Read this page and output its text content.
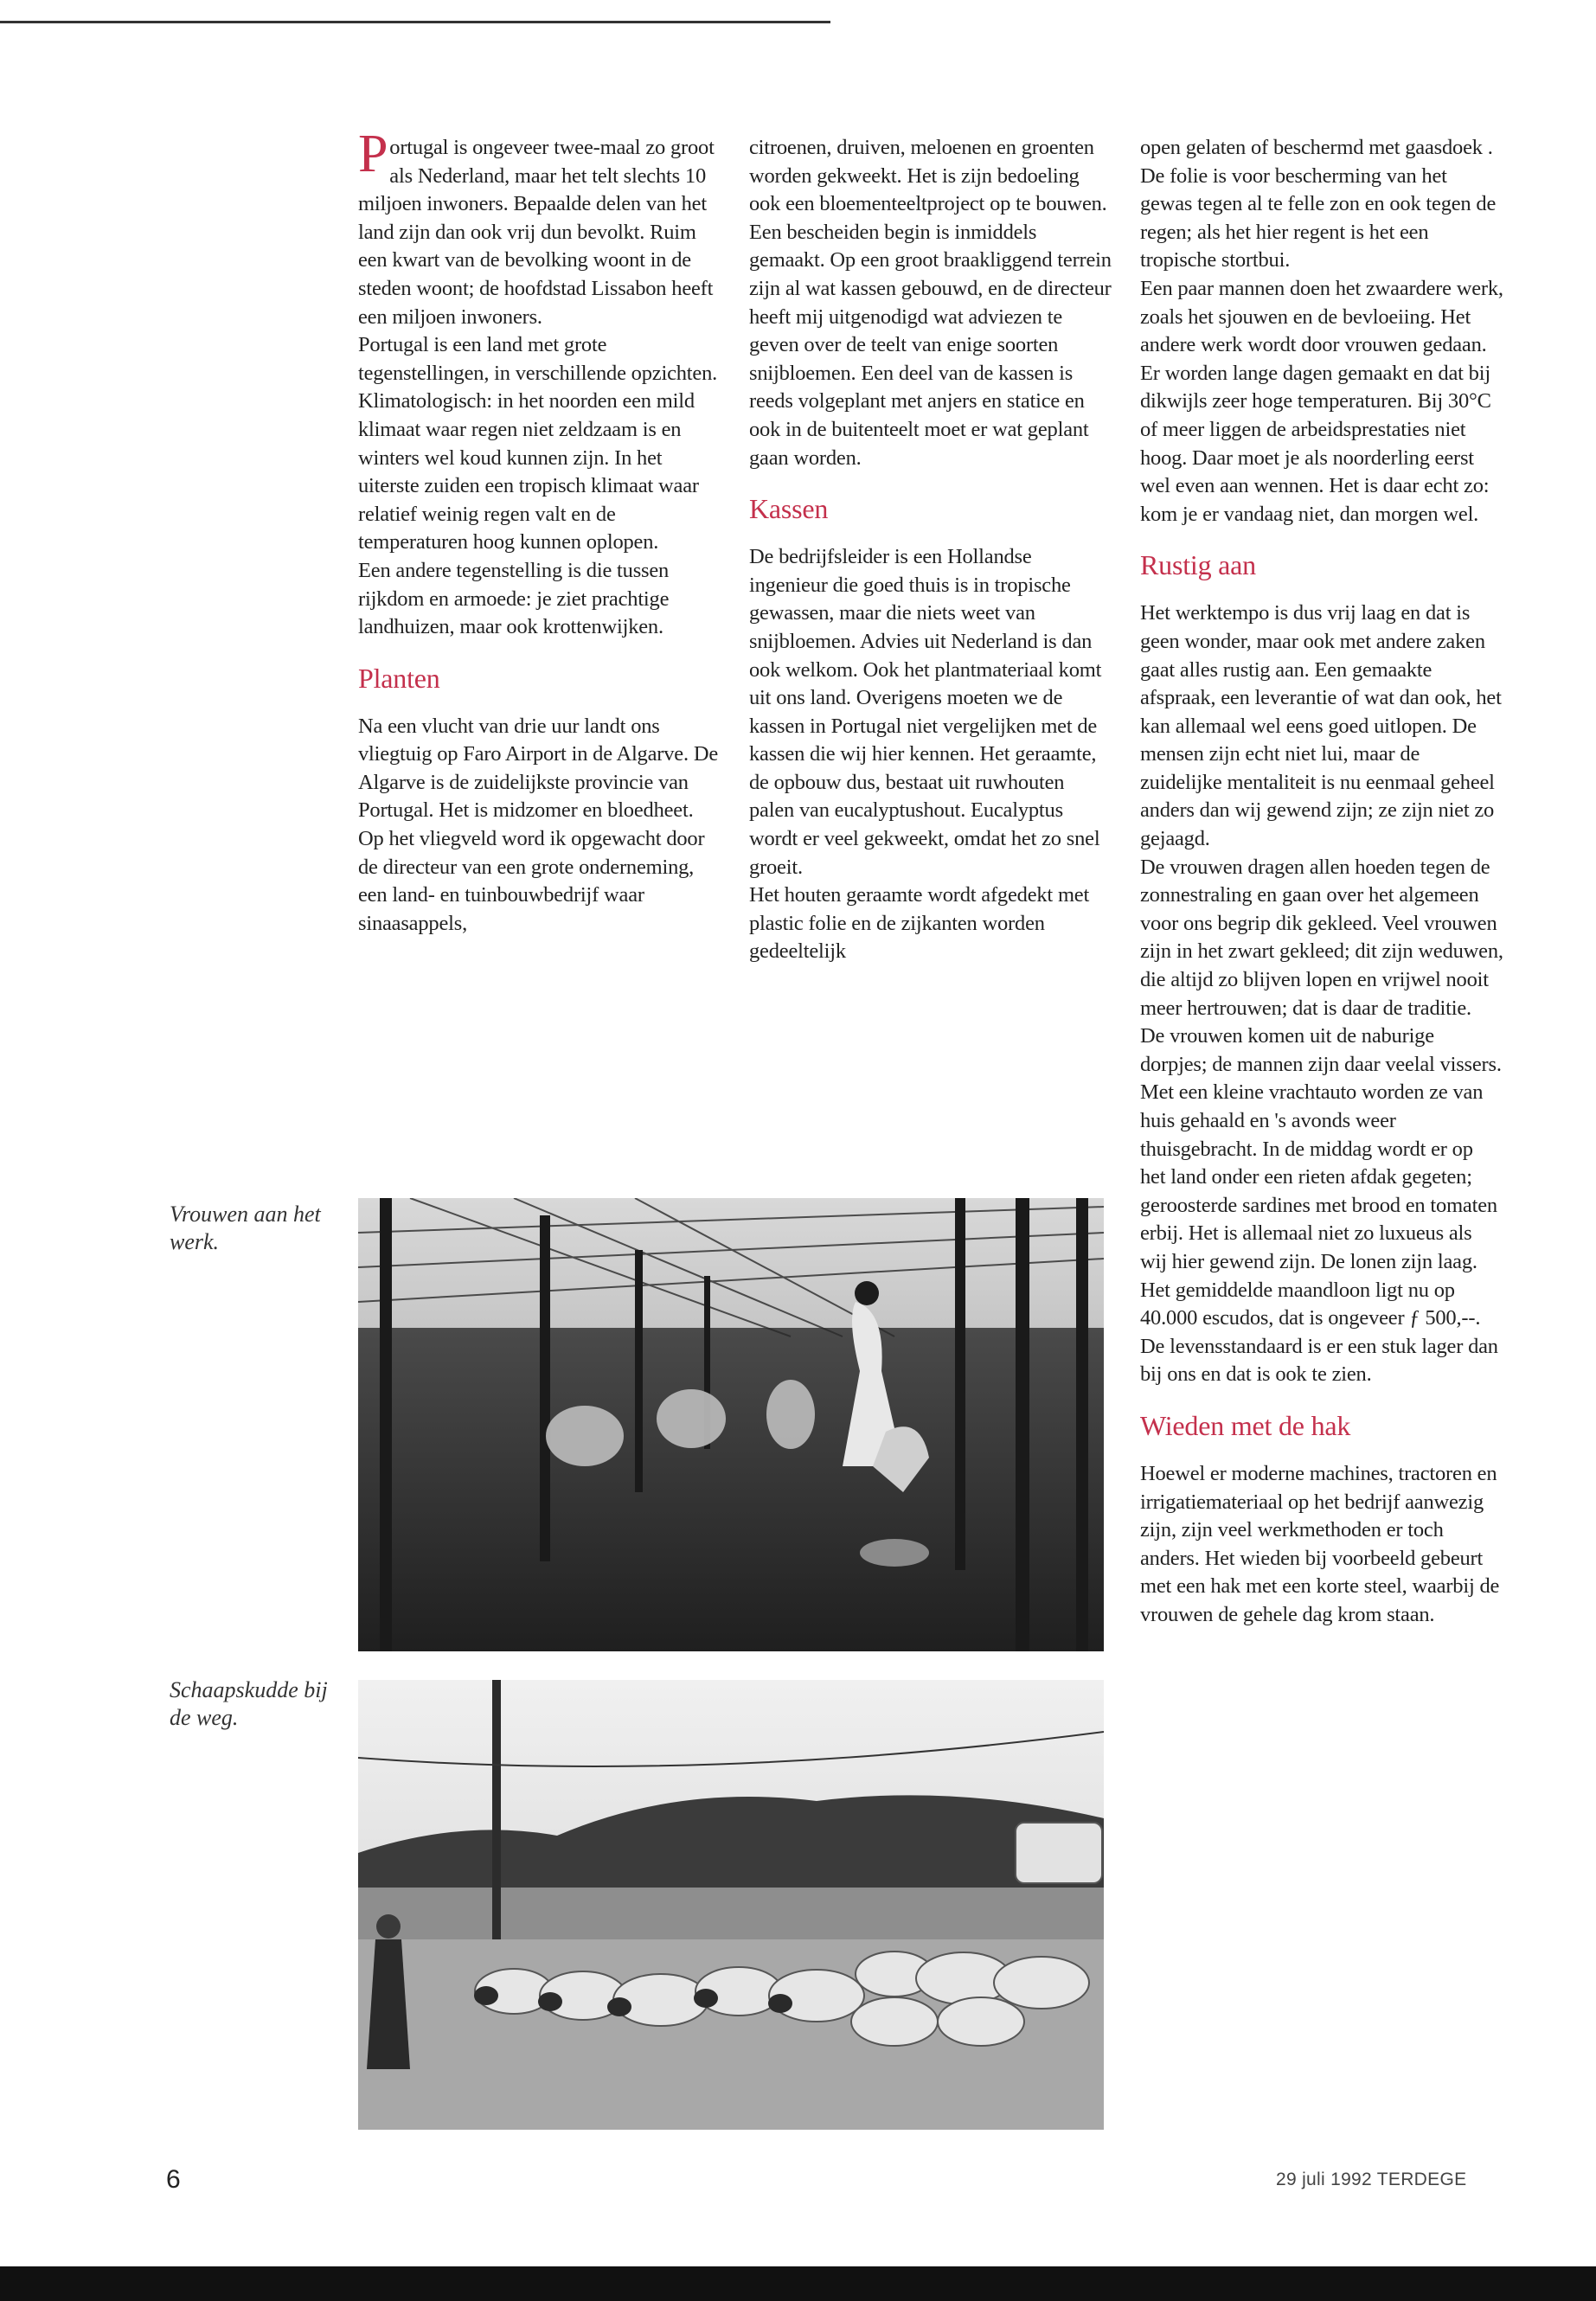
Portugal is ongeveer twee-maal zo groot als Nederland, maar het telt slechts 10 miljoen inwoners. Bepaalde delen van het land zijn dan ook vrij dun bevolkt. Ruim een kwart van de bevolking woont in de steden woont; de hoofdstad Lissabon heeft een miljoen inwoners.

Portugal is een land met grote tegenstellingen, in verschillende opzichten. Klimatologisch: in het noorden een mild klimaat waar regen niet zeldzaam is en winters wel koud kunnen zijn. In het uiterste zuiden een tropisch klimaat waar relatief weinig regen valt en de temperaturen hoog kunnen oplopen.

Een andere tegenstelling is die tussen rijkdom en armoede: je ziet prachtige landhuizen, maar ook krottenwijken.

Planten

Na een vlucht van drie uur landt ons vliegtuig op Faro Airport in de Algarve. De Algarve is de zuidelijkste provincie van Portugal. Het is midzomer en bloedheet. Op het vliegveld word ik opgewacht door de directeur van een grote onderneming, een land- en tuinbouwbedrijf waar sinaasappels,

citroenen, druiven, meloenen en groenten worden gekweekt. Het is zijn bedoeling ook een bloementeeltproject op te bouwen.

Een bescheiden begin is inmiddels gemaakt. Op een groot braakliggend terrein zijn al wat kassen gebouwd, en de directeur heeft mij uitgenodigd wat adviezen te geven over de teelt van enige soorten snijbloemen. Een deel van de kassen is reeds volgeplant met anjers en statice en ook in de buitenteelt moet er wat geplant gaan worden.

Kassen

De bedrijfsleider is een Hollandse ingenieur die goed thuis is in tropische gewassen, maar die niets weet van snijbloemen. Advies uit Nederland is dan ook welkom. Ook het plantmateriaal komt uit ons land. Overigens moeten we de kassen in Portugal niet vergelijken met de kassen die wij hier kennen. Het geraamte, de opbouw dus, bestaat uit ruwhouten palen van eucalyptushout. Eucalyptus wordt er veel gekweekt, omdat het zo snel groeit.

Het houten geraamte wordt afgedekt met plastic folie en de zijkanten worden gedeeltelijk

open gelaten of beschermd met gaasdoek . De folie is voor bescherming van het gewas tegen al te felle zon en ook tegen de regen; als het hier regent is het een tropische stortbui.

Een paar mannen doen het zwaardere werk, zoals het sjouwen en de bevloeiing. Het andere werk wordt door vrouwen gedaan. Er worden lange dagen gemaakt en dat bij dikwijls zeer hoge temperaturen. Bij 30°C of meer liggen de arbeidsprestaties niet hoog. Daar moet je als noorderling eerst wel even aan wennen. Het is daar echt zo: kom je er vandaag niet, dan morgen wel.

Rustig aan

Het werktempo is dus vrij laag en dat is geen wonder, maar ook met andere zaken gaat alles rustig aan. Een gemaakte afspraak, een leverantie of wat dan ook, het kan allemaal wel eens goed uitlopen. De mensen zijn echt niet lui, maar de zuidelijke mentaliteit is nu eenmaal geheel anders dan wij gewend zijn; ze zijn niet zo gejaagd.

De vrouwen dragen allen hoeden tegen de zonnestraling en gaan over het algemeen voor ons begrip dik gekleed. Veel vrouwen zijn in het zwart gekleed; dit zijn weduwen, die altijd zo blijven lopen en vrijwel nooit meer hertrouwen; dat is daar de traditie.

De vrouwen komen uit de naburige dorpjes; de mannen zijn daar veelal vissers. Met een kleine vrachtauto worden ze van huis gehaald en 's avonds weer thuisgebracht. In de middag wordt er op het land onder een rieten afdak gegeten; geroosterde sardines met brood en tomaten erbij. Het is allemaal niet zo luxueus als wij hier gewend zijn. De lonen zijn laag. Het gemiddelde maandloon ligt nu op 40.000 escudos, dat is ongeveer ƒ 500,--. De levensstandaard is er een stuk lager dan bij ons en dat is ook te zien.

Wieden met de hak

Hoewel er moderne machines, tractoren en irrigatiemateriaal op het bedrijf aanwezig zijn, zijn veel werkmethoden er toch anders. Het wieden bij voorbeeld gebeurt met een hak met een korte steel, waarbij de vrouwen de gehele dag krom staan.

Vrouwen aan het werk.
Schaapskudde bij de weg.
6	29 juli 1992 TERDEGE
